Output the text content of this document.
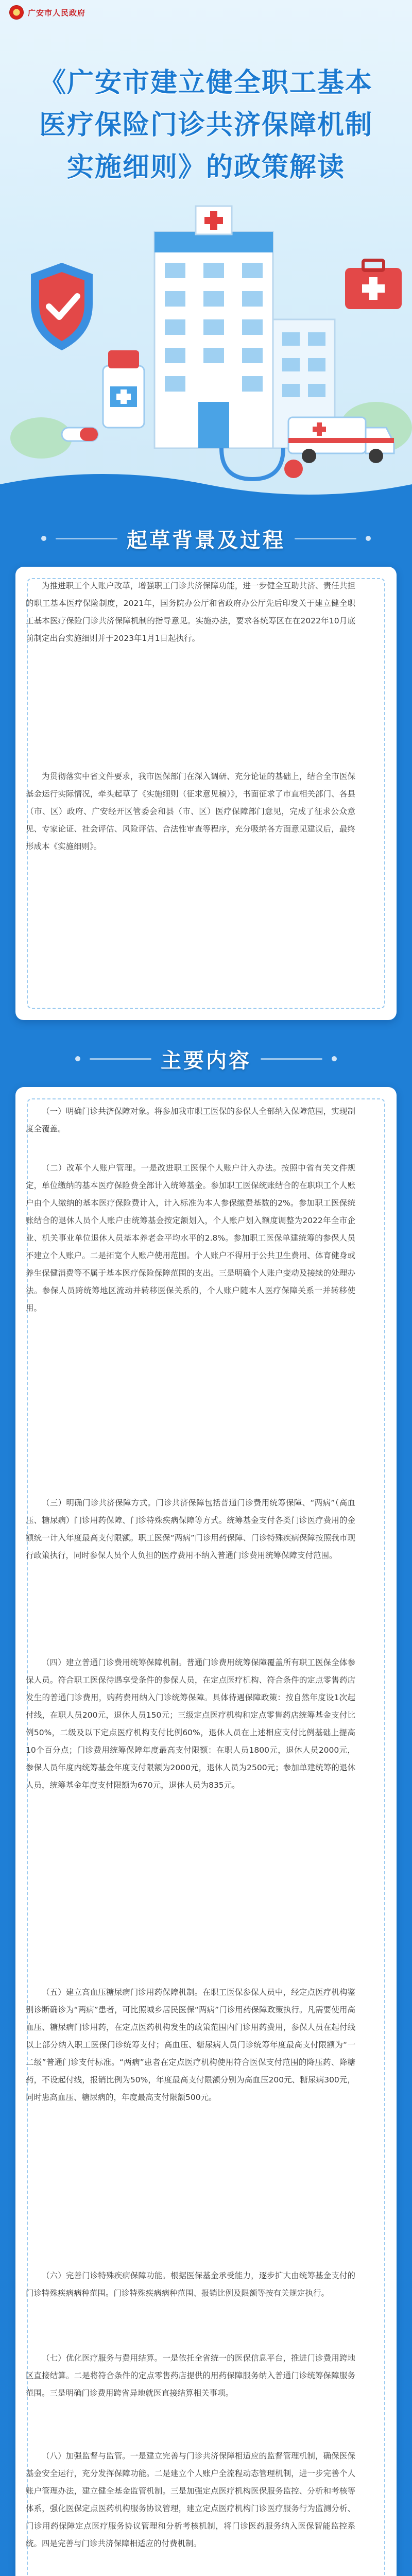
广安市人民政府
《广安市建立健全职工基本
医疗保险门诊共济保障机制
实施细则》的政策解读
起草背景及过程

为推进职工个人账户改革，增强职工门诊共济保障功能，进一步健全互助共济、责任共担的职工基本医疗保险制度，2021年，国务院办公厅和省政府办公厅先后印发关于建立健全职工基本医疗保险门诊共济保障机制的指导意见。实施办法，要求各统筹区在在2022年10月底前制定出台实施细则并于2023年1月1日起执行。

为贯彻落实中省文件要求，我市医保部门在深入调研、充分论证的基础上，结合全市医保基金运行实际情况，牵头起草了《实施细则（征求意见稿）》，书面征求了市直相关部门、各县（市、区）政府、广安经开区管委会和县（市、区）医疗保障部门意见，完成了征求公众意见、专家论证、社会评估、风险评估、合法性审查等程序，充分吸纳各方面意见建议后，最终形成本《实施细则》。

主要内容

（一）明确门诊共济保障对象。将参加我市职工医保的参保人全部纳入保障范围，实现制度全覆盖。

（二）改革个人账户管理。一是改进职工医保个人账户计入办法。按照中省有关文件规定，单位缴纳的基本医疗保险费全部计入统筹基金。参加职工医保统账结合的在职职工个人账户由个人缴纳的基本医疗保险费计入，计入标准为本人参保缴费基数的2%。参加职工医保统账结合的退休人员个人账户由统筹基金按定额划入，个人账户划入额度调整为2022年全市企业、机关事业单位退休人员基本养老金平均水平的2.8%。参加职工医保单建统筹的参保人员不建立个人账户。二是拓宽个人账户使用范围。个人账户不得用于公共卫生费用、体育健身或养生保健消费等不属于基本医疗保险保障范围的支出。三是明确个人账户变动及接续的处理办法。参保人员跨统筹地区流动并转移医保关系的，个人账户随本人医疗保障关系一并转移使用。

（三）明确门诊共济保障方式。门诊共济保障包括普通门诊费用统筹保障、“两病”（高血压、糖尿病）门诊用药保障、门诊特殊疾病保障等方式。统筹基金支付各类门诊医疗费用的金额统一计入年度最高支付限额。职工医保“两病”门诊用药保障、门诊特殊疾病保障按照我市现行政策执行，同时参保人员个人负担的医疗费用不纳入普通门诊费用统筹保障支付范围。

（四）建立普通门诊费用统筹保障机制。普通门诊费用统筹保障覆盖所有职工医保全体参保人员。符合职工医保待遇享受条件的参保人员，在定点医疗机构、符合条件的定点零售药店发生的普通门诊费用，购药费用纳入门诊统筹保障。具体待遇保障政策：按自然年度设1次起付线，在职人员200元，退休人员150元；三级定点医疗机构和定点零售药店统筹基金支付比例50%，二级及以下定点医疗机构支付比例60%，退休人员在上述相应支付比例基础上提高10个百分点；门诊费用统筹保障年度最高支付限额：在职人员1800元，退休人员2000元，参保人员年度内统筹基金年度支付限额为2000元，退休人员为2500元；参加单建统筹的退休人员，统筹基金年度支付限额为670元，退休人员为835元。

（五）建立高血压糖尿病门诊用药保障机制。在职工医保参保人员中，经定点医疗机构鉴别诊断确诊为“两病”患者，可比照城乡居民医保“两病”门诊用药保障政策执行。凡需要使用高血压、糖尿病门诊用药，在定点医药机构发生的政策范围内门诊用药费用，参保人员在起付线以上部分纳入职工医保门诊统筹支付；高血压、糖尿病人员门诊统筹年度最高支付限额为“一二级”普通门诊支付标准。“两病”患者在定点医疗机构使用符合医保支付范围的降压药、降糖药，不设起付线，报销比例为50%，年度最高支付限额分别为高血压200元、糖尿病300元，同时患高血压、糖尿病的，年度最高支付限额500元。

（六）完善门诊特殊疾病保障功能。根据医保基金承受能力，逐步扩大由统筹基金支付的门诊特殊疾病病种范围。门诊特殊疾病病种范围、报销比例及限额等按有关规定执行。

（七）优化医疗服务与费用结算。一是依托全省统一的医保信息平台，推进门诊费用跨地区直接结算。二是将符合条件的定点零售药店提供的用药保障服务纳入普通门诊统筹保障服务范围。三是明确门诊费用跨省异地就医直接结算相关事项。

（八）加强监督与监管。一是建立完善与门诊共济保障相适应的监督管理机制，确保医保基金安全运行，充分发挥保障功能。二是建立个人账户全流程动态管理机制，进一步完善个人账户管理办法，建立健全基金监管机制。三是加强定点医疗机构医保服务监控、分析和考核等体系，强化医保定点医药机构服务协议管理，建立定点医疗机构门诊医疗服务行为监测分析、门诊用药保障定点医疗服务协议管理和分析考核机制，将门诊医药服务纳入医保智能监控系统。四是完善与门诊共济保障相适应的付费机制。
